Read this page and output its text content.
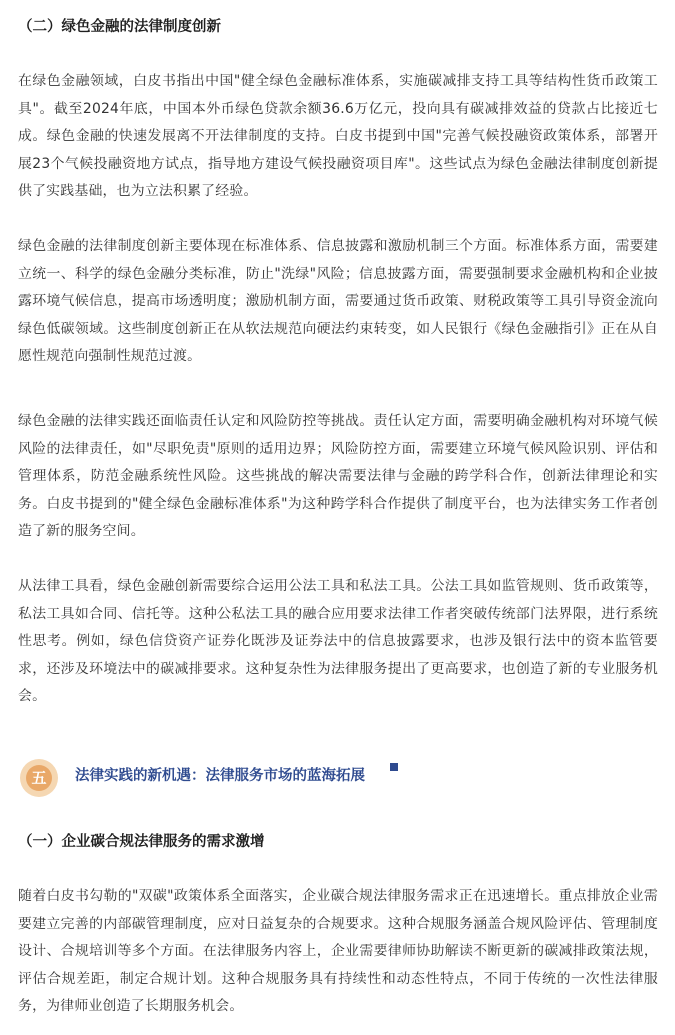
（二）绿色金融的法律制度创新

在绿色金融领域，白皮书指出中国"健全绿色金融标准体系，实施碳减排支持工具等结构性货币政策工具"。截至2024年底，中国本外币绿色贷款余额36.6万亿元，投向具有碳减排效益的贷款占比接近七成。绿色金融的快速发展离不开法律制度的支持。白皮书提到中国"完善气候投融资政策体系，部署开展23个气候投融资地方试点，指导地方建设气候投融资项目库"。这些试点为绿色金融法律制度创新提供了实践基础，也为立法积累了经验。

绿色金融的法律制度创新主要体现在标准体系、信息披露和激励机制三个方面。标准体系方面，需要建立统一、科学的绿色金融分类标准，防止"洗绿"风险；信息披露方面，需要强制要求金融机构和企业披露环境气候信息，提高市场透明度；激励机制方面，需要通过货币政策、财税政策等工具引导资金流向绿色低碳领域。这些制度创新正在从软法规范向硬法约束转变，如人民银行《绿色金融指引》正在从自愿性规范向强制性规范过渡。

绿色金融的法律实践还面临责任认定和风险防控等挑战。责任认定方面，需要明确金融机构对环境气候风险的法律责任，如"尽职免责"原则的适用边界；风险防控方面，需要建立环境气候风险识别、评估和管理体系，防范金融系统性风险。这些挑战的解决需要法律与金融的跨学科合作，创新法律理论和实务。白皮书提到的"健全绿色金融标准体系"为这种跨学科合作提供了制度平台，也为法律实务工作者创造了新的服务空间。

从法律工具看，绿色金融创新需要综合运用公法工具和私法工具。公法工具如监管规则、货币政策等，私法工具如合同、信托等。这种公私法工具的融合应用要求法律工作者突破传统部门法界限，进行系统性思考。例如，绿色信贷资产证券化既涉及证券法中的信息披露要求，也涉及银行法中的资本监管要求，还涉及环境法中的碳减排要求。这种复杂性为法律服务提出了更高要求，也创造了新的专业服务机会。

五	法律实践的新机遇：法律服务市场的蓝海拓展
（一）企业碳合规法律服务的需求激增

随着白皮书勾勒的"双碳"政策体系全面落实，企业碳合规法律服务需求正在迅速增长。重点排放企业需要建立完善的内部碳管理制度，应对日益复杂的合规要求。这种合规服务涵盖合规风险评估、管理制度设计、合规培训等多个方面。在法律服务内容上，企业需要律师协助解读不断更新的碳减排政策法规，评估合规差距，制定合规计划。这种合规服务具有持续性和动态性特点，不同于传统的一次性法律服务，为律师业创造了长期服务机会。
